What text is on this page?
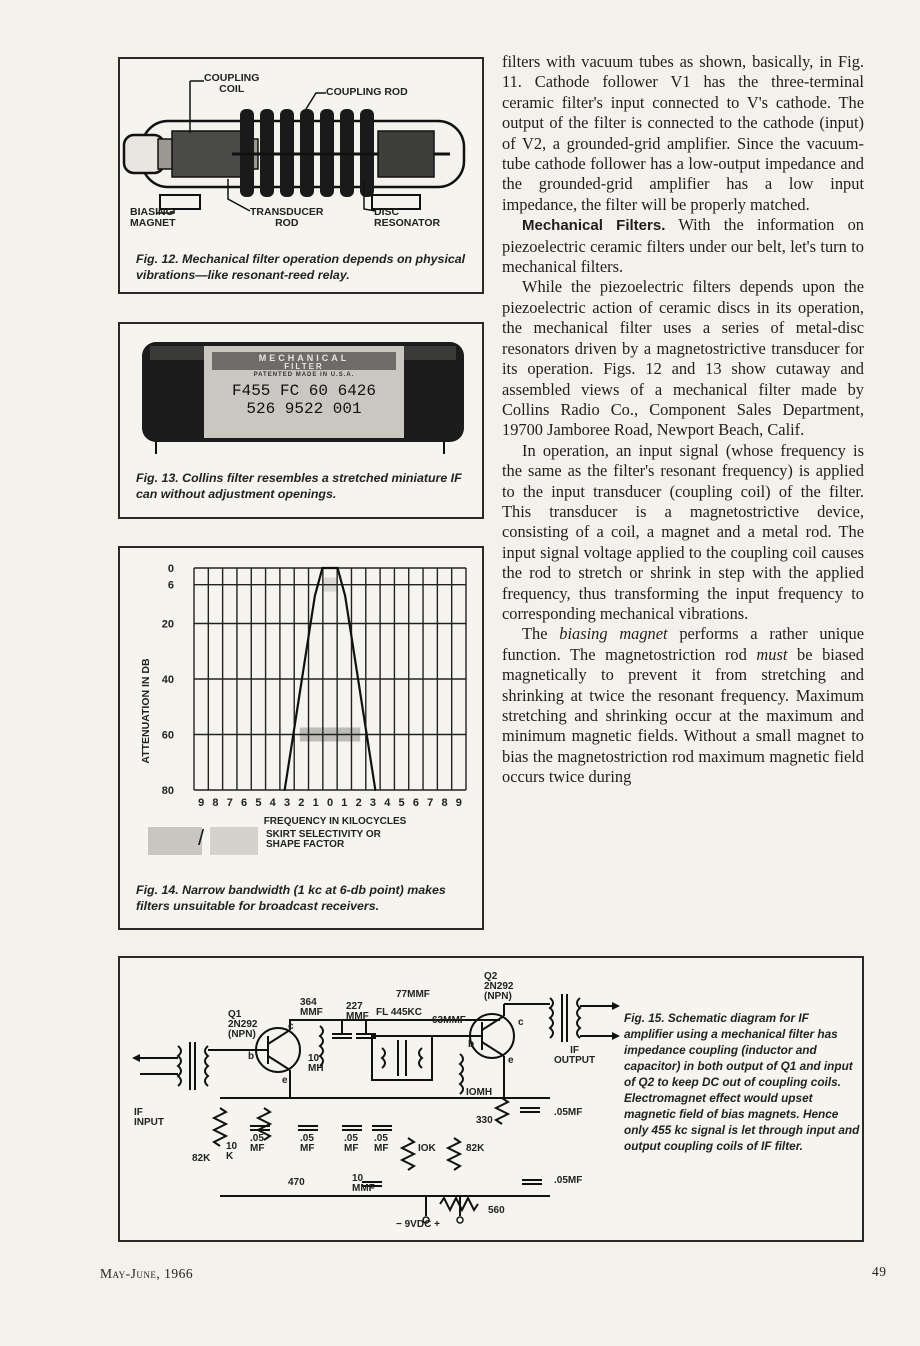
COUPLING
COIL	COUPLING ROD
BIASING
MAGNET
TRANSDUCER
ROD
DISC
RESONATOR
Fig. 12. Mechanical filter operation depends on physical vibrations—like resonant-reed relay.
MECHANICAL
FILTER
PATENTED MADE IN U.S.A.
F455 FC 60 6426
526 9522 001
Fig. 13. Collins filter resembles a stretched miniature IF can without adjustment openings.
0
6
20
40
60
80
9 8 7 6 5 4 3 2 1 0 1 2 3 4 5 6 7 8 9
ATTENUATION IN DB
FREQUENCY IN KILOCYCLES
/	SKIRT SELECTIVITY OR
SHAPE FACTOR
Fig. 14. Narrow bandwidth (1 kc at 6-db point) makes filters unsuitable for broadcast receivers.

filters with vacuum tubes as shown, basically, in Fig. 11. Cathode follower V1 has the three-terminal ceramic filter's input connected to V's cathode. The output of the filter is connected to the cathode (input) of V2, a grounded-grid amplifier. Since the vacuum-tube cathode follower has a low-output impedance and the grounded-grid amplifier has a low input impedance, the filter will be properly matched.

Mechanical Filters. With the information on piezoelectric ceramic filters under our belt, let's turn to mechanical filters.

While the piezoelectric filters depends upon the piezoelectric action of ceramic discs in its operation, the mechanical filter uses a series of metal-disc resonators driven by a magnetostrictive transducer for its operation. Figs. 12 and 13 show cutaway and assembled views of a mechanical filter made by Collins Radio Co., Component Sales Department, 19700 Jamboree Road, Newport Beach, Calif.

In operation, an input signal (whose frequency is the same as the filter's resonant frequency) is applied to the input transducer (coupling coil) of the filter. This transducer is a magnetostrictive device, consisting of a coil, a magnet and a metal rod. The input signal voltage applied to the coupling coil causes the rod to stretch or shrink in step with the applied frequency, thus transforming the input frequency to corresponding mechanical vibrations.

The biasing magnet performs a rather unique function. The magnetostriction rod must be biased magnetically to prevent it from stretching and shrinking at twice the resonant frequency. Maximum stretching and shrinking occur at the maximum and minimum magnetic fields. Without a small magnet to bias the magnetostriction rod maximum magnetic field occurs twice during

Q1
2N292
(NPN)
Q2
2N292
(NPN)
364
MMF
227
MMF
77MMF
FL 445KC
63MMF
10
MH
IOMH
IF
INPUT
IF
OUTPUT
82K
10
K
.05
MF
.05
MF
.05
MF
.05
MF	IOK	82K
330
.05MF
.05MF
470	10
MMF
560
− 9VDC +
b
c
e
b
c
e
Fig. 15. Schematic diagram for IF amplifier using a mechanical filter has impedance coupling (inductor and capacitor) in both output of Q1 and input of Q2 to keep DC out of coupling coils. Electromagnet effect would upset magnetic field of bias magnets. Hence only 455 kc signal is let through input and output coupling coils of IF filter.
May-June, 1966	49
